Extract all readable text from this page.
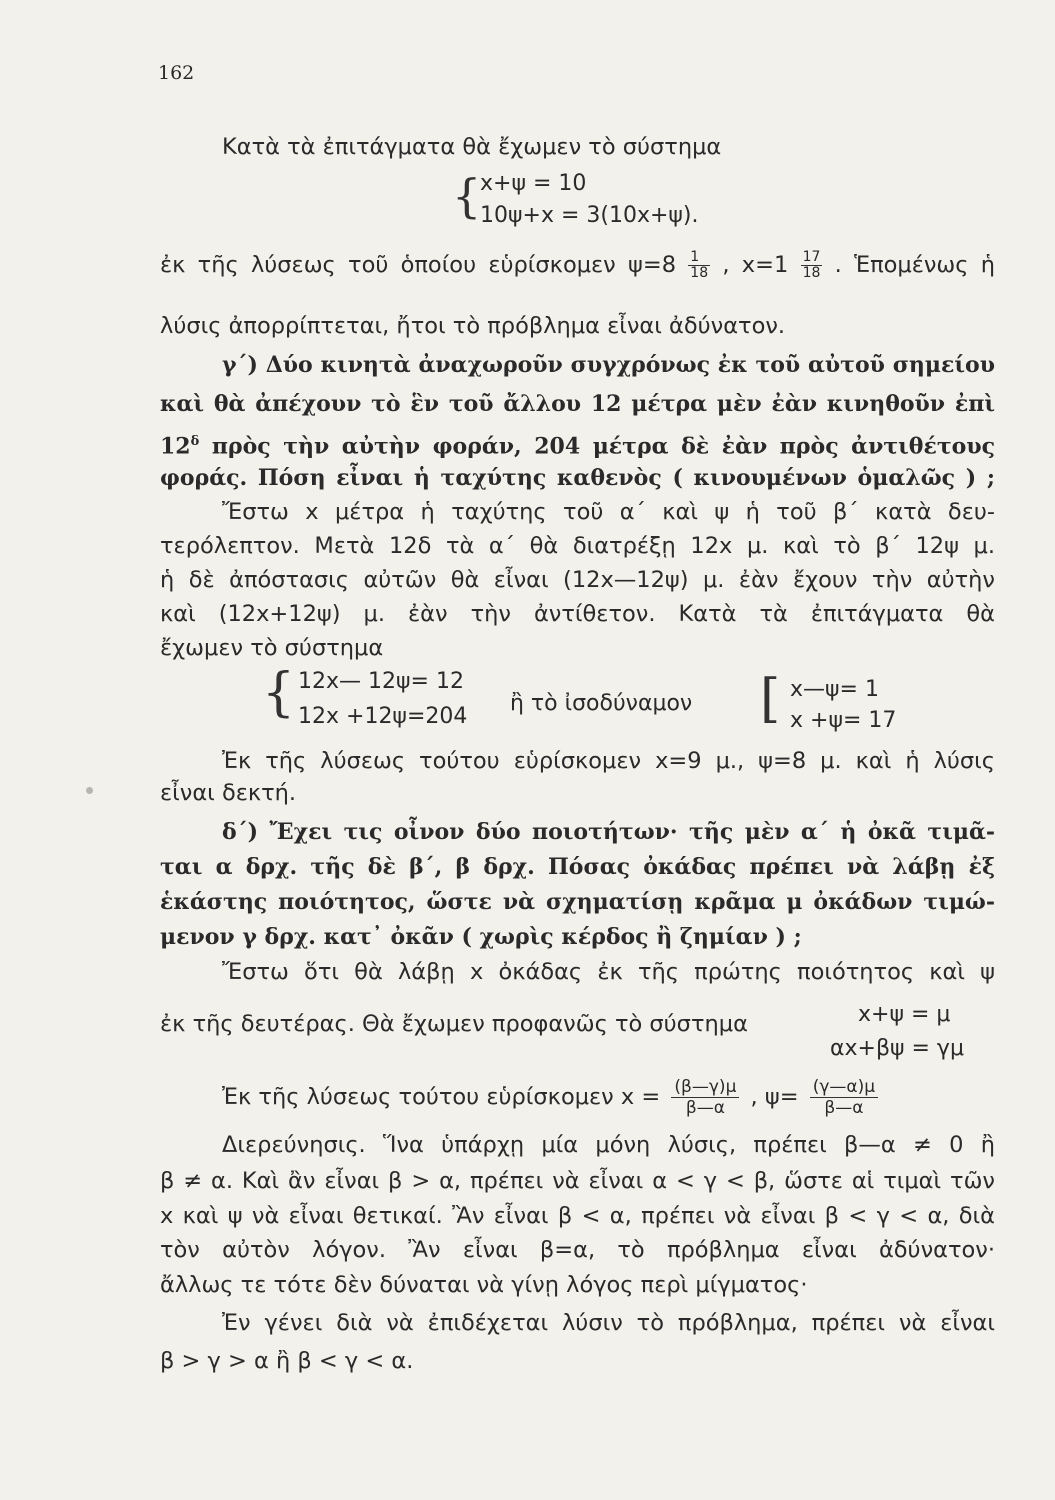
162
Κατὰ τὰ ἐπιτάγματα θὰ ἔχωμεν τὸ σύστημα
{
x+ψ = 10
10ψ+x = 3(10x+ψ).
ἐκ τῆς λύσεως τοῦ ὁποίου εὑρίσκομεν $\psi=8 \frac{1}{18}$ , $x=1 \frac{17}{18}$ . Ἑπομένως ἡ
λύσις ἀπορρίπτεται, ἤτοι τὸ πρόβλημα εἶναι ἀδύνατον.
γ΄) Δύο κινητὰ ἀναχωροῦν συγχρόνως ἐκ τοῦ αὐτοῦ σημείου
καὶ θὰ ἀπέχουν τὸ ἓν τοῦ ἄλλου 12 μέτρα μὲν ἐὰν κινηθοῦν ἐπὶ
$12^\delta$ πρὸς τὴν αὐτὴν φοράν, 204 μέτρα δὲ ἐὰν πρὸς ἀντιθέτους
φοράς. Πόση εἶναι ἡ ταχύτης καθενὸς ( κινουμένων ὁμαλῶς ) ;
Ἔστω x μέτρα ἡ ταχύτης τοῦ α΄ καὶ ψ ἡ τοῦ β΄ κατὰ δευ-
τερόλεπτον. Μετὰ 12δ τὰ α΄ θὰ διατρέξῃ 12x μ. καὶ τὸ β΄ 12ψ μ.
ἡ δὲ ἀπόστασις αὐτῶν θὰ εἶναι (12x—12ψ) μ. ἐὰν ἔχουν τὴν αὐτὴν
καὶ (12x+12ψ) μ. ἐὰν τὴν ἀντίθετον. Κατὰ τὰ ἐπιτάγματα θὰ
ἔχωμεν τὸ σύστημα
{ 12x— 12ψ= 12
12x +12ψ=204
ἢ τὸ ἰσοδύναμον [ x—ψ= 1
x +ψ= 17
Ἐκ τῆς λύσεως τούτου εὑρίσκομεν x=9 μ., ψ=8 μ. καὶ ἡ λύσις
εἶναι δεκτή.
δ΄) Ἔχει τις οἶνον δύο ποιοτήτων· τῆς μὲν α΄ ἡ ὀκᾶ τιμᾶ-
ται α δρχ. τῆς δὲ β΄, β δρχ. Πόσας ὀκάδας πρέπει νὰ λάβῃ ἐξ
ἑκάστης ποιότητος, ὥστε νὰ σχηματίσῃ κρᾶμα μ ὀκάδων τιμώ-
μενον γ δρχ. κατ᾿ ὀκᾶν ( χωρὶς κέρδος ἢ ζημίαν ) ;
Ἔστω ὅτι θὰ λάβῃ x ὀκάδας ἐκ τῆς πρώτης ποιότητος καὶ ψ
ἐκ τῆς δευτέρας. Θὰ ἔχωμεν προφανῶς τὸ σύστημα	x+ψ = μ
αx+βψ = γμ
Ἐκ τῆς λύσεως τούτου εὑρίσκομεν $x = \frac{(\beta—\gamma)\mu}{\beta—\alpha}$ , $\psi= \frac{(\gamma—\alpha)\mu}{\beta—\alpha}$
Διερεύνησις. Ἵνα ὑπάρχῃ μία μόνη λύσις, πρέπει β—α ≠ 0 ἢ
β ≠ α. Καὶ ἂν εἶναι β > α, πρέπει νὰ εἶναι α < γ < β, ὥστε αἱ τιμαὶ τῶν
x καὶ ψ νὰ εἶναι θετικαί. Ἂν εἶναι β < α, πρέπει νὰ εἶναι β < γ < α, διὰ
τὸν αὐτὸν λόγον. Ἂν εἶναι β=α, τὸ πρόβλημα εἶναι ἀδύνατον·
ἄλλως τε τότε δὲν δύναται νὰ γίνῃ λόγος περὶ μίγματος·
Ἐν γένει διὰ νὰ ἐπιδέχεται λύσιν τὸ πρόβλημα, πρέπει νὰ εἶναι
β > γ > α ἢ β < γ < α.
